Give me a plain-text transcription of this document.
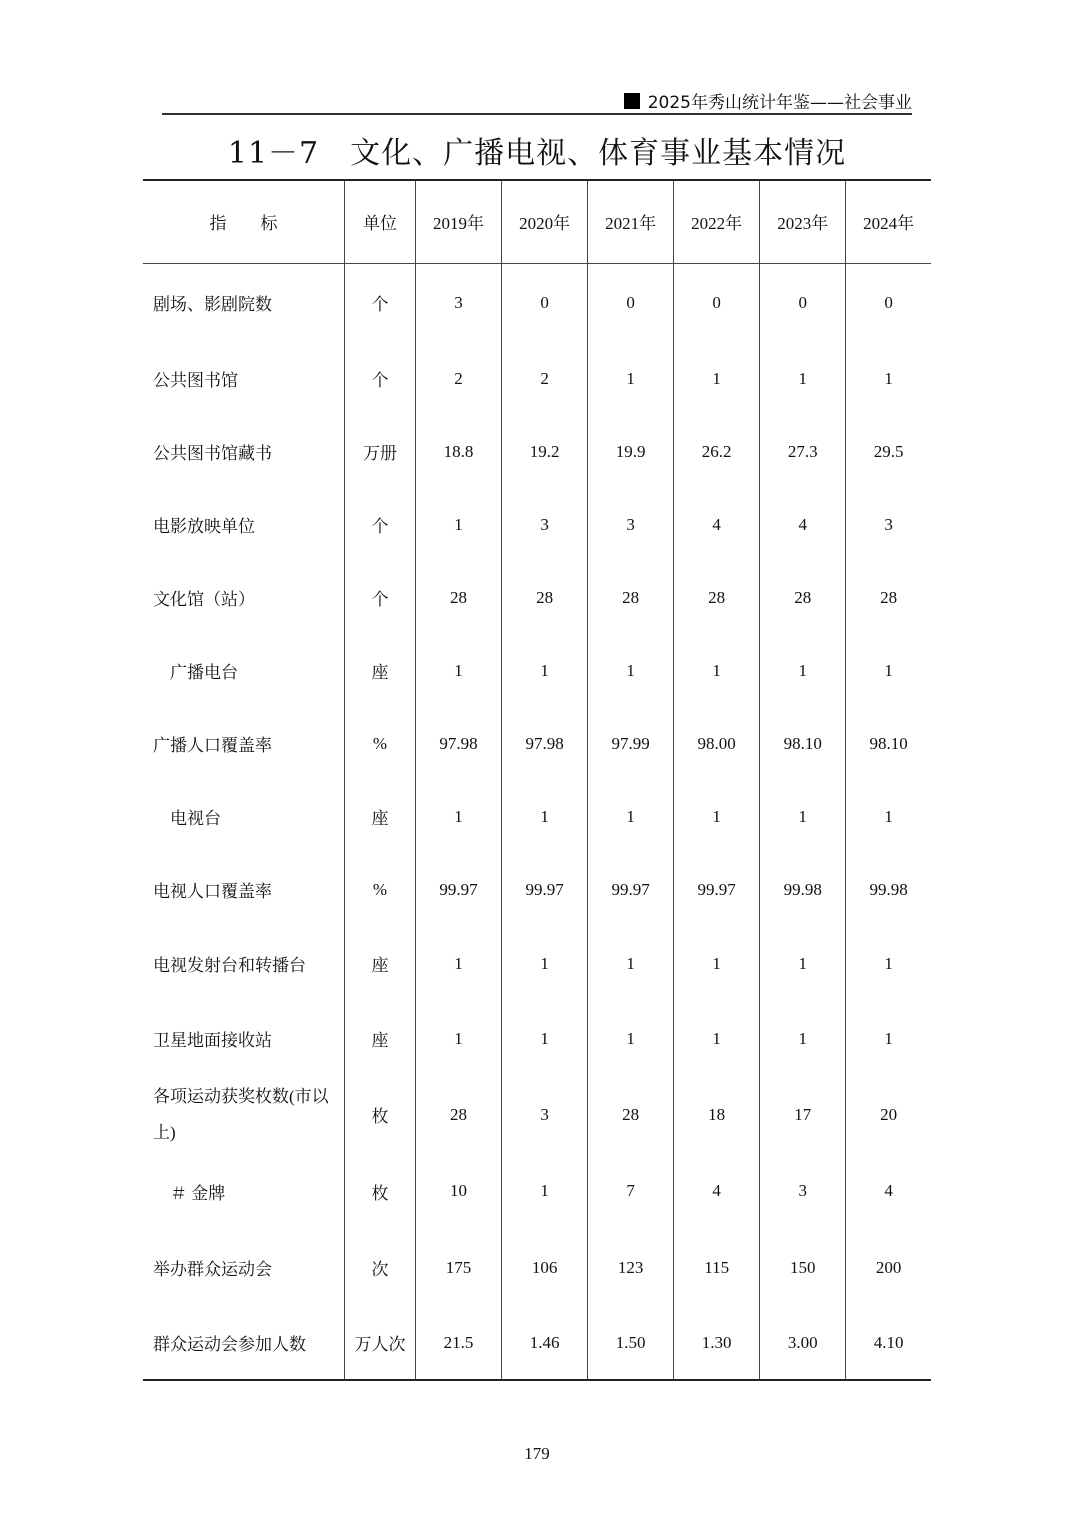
2025年秀山统计年鉴——社会事业
11－7　文化、广播电视、体育事业基本情况
指　　标	单位	2019年	2020年	2021年	2022年	2023年	2024年
剧场、影剧院数	个	3	0	0	0	0	0
公共图书馆	个	2	2	1	1	1	1
公共图书馆藏书	万册	18.8	19.2	19.9	26.2	27.3	29.5
电影放映单位	个	1	3	3	4	4	3
文化馆（站）	个	28	28	28	28	28	28
　广播电台	座	1	1	1	1	1	1
广播人口覆盖率	%	97.98	97.98	97.99	98.00	98.10	98.10
　电视台	座	1	1	1	1	1	1
电视人口覆盖率	%	99.97	99.97	99.97	99.97	99.98	99.98
电视发射台和转播台	座	1	1	1	1	1	1
卫星地面接收站	座	1	1	1	1	1	1
各项运动获奖枚数(市以上)	枚	28	3	28	18	17	20
　＃ 金牌	枚	10	1	7	4	3	4
举办群众运动会	次	175	106	123	115	150	200
群众运动会参加人数	万人次	21.5	1.46	1.50	1.30	3.00	4.10
179
